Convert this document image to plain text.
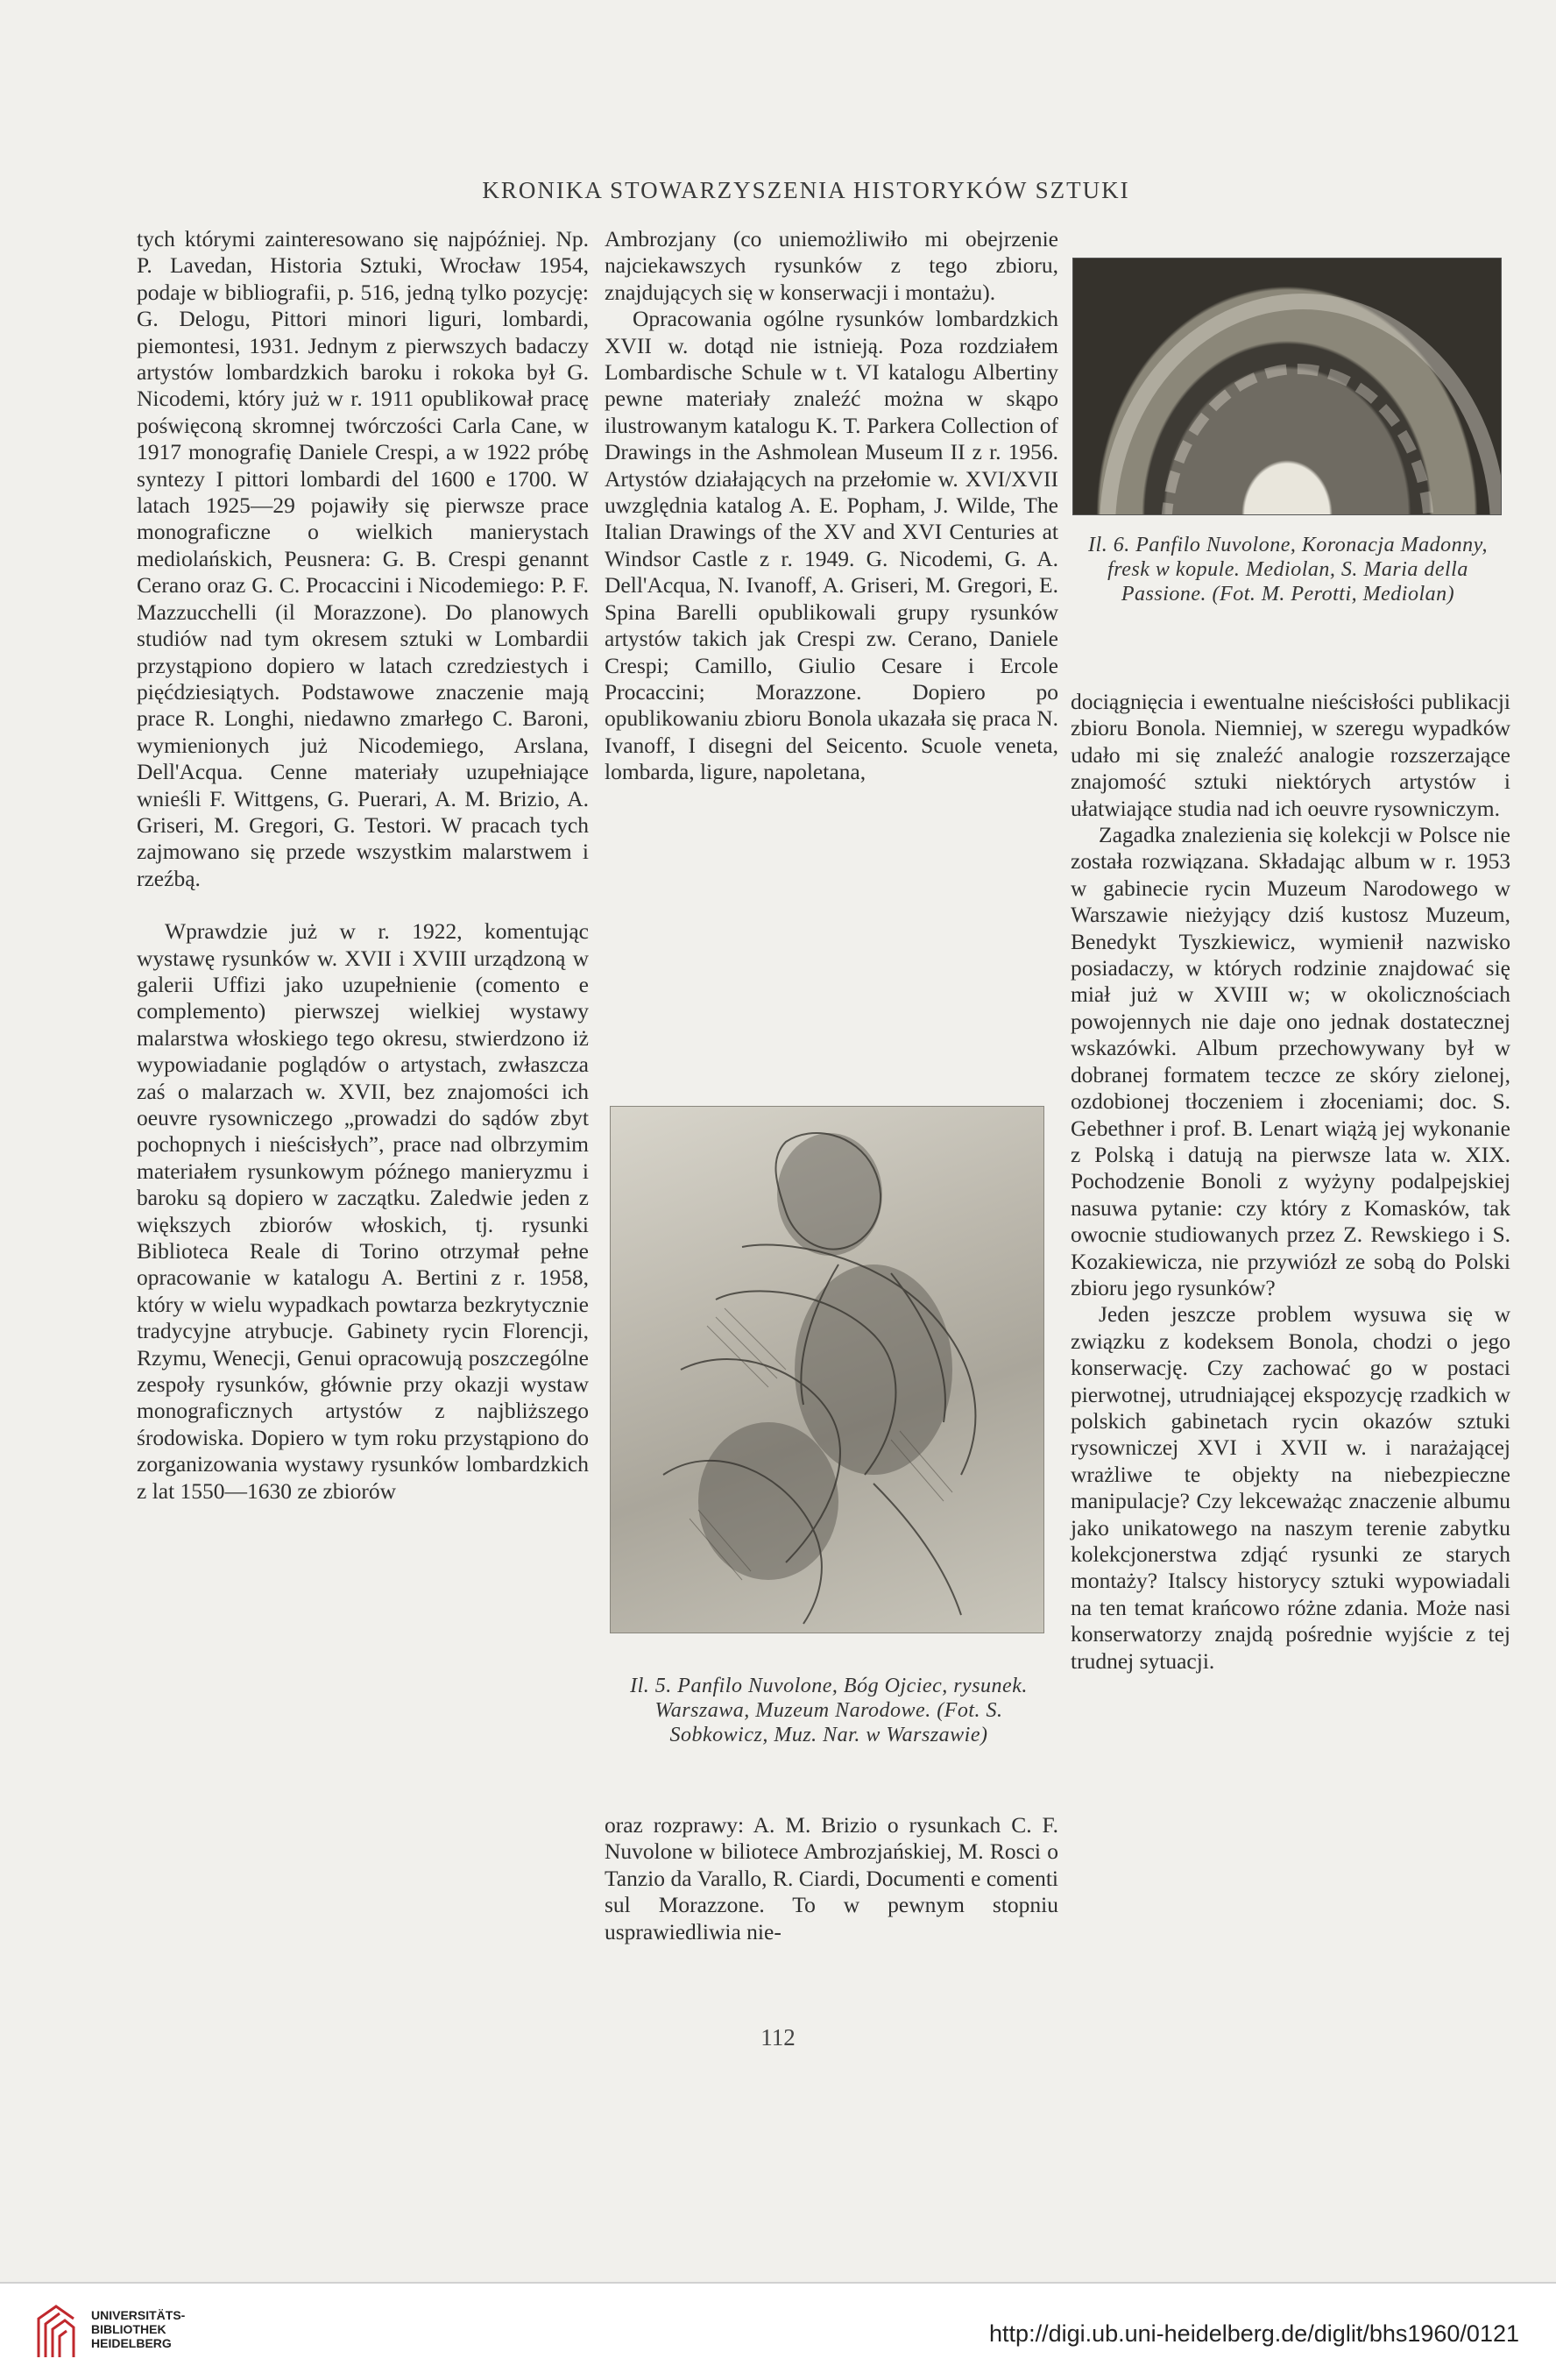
KRONIKA STOWARZYSZENIA HISTORYKÓW SZTUKI

tych którymi zainteresowano się najpóźniej. Np. P. Lavedan, Historia Sztuki, Wrocław 1954, podaje w bibliografii, p. 516, jedną tylko pozycję: G. Delogu, Pittori minori liguri, lombardi, piemontesi, 1931. Jednym z pierwszych badaczy artystów lombardzkich baroku i rokoka był G. Nicodemi, który już w r. 1911 opublikował pracę poświęconą skromnej twórczości Carla Cane, w 1917 monografię Daniele Crespi, a w 1922 próbę syntezy I pittori lombardi del 1600 e 1700. W latach 1925—29 pojawiły się pierwsze prace monograficzne o wielkich manierystach mediolańskich, Peusnera: G. B. Crespi genannt Cerano oraz G. C. Procaccini i Nicodemiego: P. F. Mazzucchelli (il Morazzone). Do planowych studiów nad tym okresem sztuki w Lombardii przystąpiono dopiero w latach czredziestych i pięćdziesiątych. Podstawowe znaczenie mają prace R. Longhi, niedawno zmarłego C. Baroni, wymienionych już Nicodemiego, Arslana, Dell'Acqua. Cenne materiały uzupełniające wnieśli F. Wittgens, G. Puerari, A. M. Brizio, A. Griseri, M. Gregori, G. Testori. W pracach tych zajmowano się przede wszystkim malarstwem i rzeźbą.

Wprawdzie już w r. 1922, komentując wystawę rysunków w. XVII i XVIII urządzoną w galerii Uffizi jako uzupełnienie (comento e complemento) pierwszej wielkiej wystawy malarstwa włoskiego tego okresu, stwierdzono iż wypowiadanie poglądów o artystach, zwłaszcza zaś o malarzach w. XVII, bez znajomości ich oeuvre rysowniczego „prowadzi do sądów zbyt pochopnych i nieścisłych”, prace nad olbrzymim materiałem rysunkowym późnego manieryzmu i baroku są dopiero w zaczątku. Zaledwie jeden z większych zbiorów włoskich, tj. rysunki Biblioteca Reale di Torino otrzymał pełne opracowanie w katalogu A. Bertini z r. 1958, który w wielu wypadkach powtarza bezkrytycznie tradycyjne atrybucje. Gabinety rycin Florencji, Rzymu, Wenecji, Genui opracowują poszczególne zespoły rysunków, głównie przy okazji wystaw monograficznych artystów z najbliższego środowiska. Dopiero w tym roku przystąpiono do zorganizowania wystawy rysunków lombardzkich z lat 1550—1630 ze zbiorów

Ambrozjany (co uniemożliwiło mi obejrzenie najciekawszych rysunków z tego zbioru, znajdujących się w konserwacji i montażu).

Opracowania ogólne rysunków lombardzkich XVII w. dotąd nie istnieją. Poza rozdziałem Lombardische Schule w t. VI katalogu Albertiny pewne materiały znaleźć można w skąpo ilustrowanym katalogu K. T. Parkera Collection of Drawings in the Ashmolean Museum II z r. 1956. Artystów działających na przełomie w. XVI/XVII uwzględnia katalog A. E. Popham, J. Wilde, The Italian Drawings of the XV and XVI Centuries at Windsor Castle z r. 1949. G. Nicodemi, G. A. Dell'Acqua, N. Ivanoff, A. Griseri, M. Gregori, E. Spina Barelli opublikowali grupy rysunków artystów takich jak Crespi zw. Cerano, Daniele Crespi; Camillo, Giulio Cesare i Ercole Procaccini; Morazzone. Dopiero po opublikowaniu zbioru Bonola ukazała się praca N. Ivanoff, I disegni del Seicento. Scuole veneta, lombarda, ligure, napoletana,

Il. 5. Panfilo Nuvolone, Bóg Ojciec, rysunek. Warszawa, Muzeum Narodowe. (Fot. S. Sobkowicz, Muz. Nar. w Warszawie)

oraz rozprawy: A. M. Brizio o rysunkach C. F. Nuvolone w biliotece Ambrozjańskiej, M. Rosci o Tanzio da Varallo, R. Ciardi, Documenti e comenti sul Morazzone. To w pewnym stopniu usprawiedliwia nie-

Il. 6. Panfilo Nuvolone, Koronacja Madonny, fresk w kopule. Mediolan, S. Maria della Passione. (Fot. M. Perotti, Mediolan)

dociągnięcia i ewentualne nieścisłości publikacji zbioru Bonola. Niemniej, w szeregu wypadków udało mi się znaleźć analogie rozszerzające znajomość sztuki niektórych artystów i ułatwiające studia nad ich oeuvre rysowniczym.

Zagadka znalezienia się kolekcji w Polsce nie została rozwiązana. Składając album w r. 1953 w gabinecie rycin Muzeum Narodowego w Warszawie nieżyjący dziś kustosz Muzeum, Benedykt Tyszkiewicz, wymienił nazwisko posiadaczy, w których rodzinie znajdować się miał już w XVIII w; w okolicznościach powojennych nie daje ono jednak dostatecznej wskazówki. Album przechowywany był w dobranej formatem teczce ze skóry zielonej, ozdobionej tłoczeniem i złoceniami; doc. S. Gebethner i prof. B. Lenart wiążą jej wykonanie z Polską i datują na pierwsze lata w. XIX. Pochodzenie Bonoli z wyżyny podalpejskiej nasuwa pytanie: czy który z Komasków, tak owocnie studiowanych przez Z. Rewskiego i S. Kozakiewicza, nie przywiózł ze sobą do Polski zbioru jego rysunków?

Jeden jeszcze problem wysuwa się w związku z kodeksem Bonola, chodzi o jego konserwację. Czy zachować go w postaci pierwotnej, utrudniającej ekspozycję rzadkich w polskich gabinetach rycin okazów sztuki rysowniczej XVI i XVII w. i narażającej wrażliwe te objekty na niebezpieczne manipulacje? Czy lekceważąc znaczenie albumu jako unikatowego na naszym terenie zabytku kolekcjonerstwa zdjąć rysunki ze starych montaży? Italscy historycy sztuki wypowiadali na ten temat krańcowo różne zdania. Może nasi konserwatorzy znajdą pośrednie wyjście z tej trudnej sytuacji.

112
UNIVERSITÄTS-
BIBLIOTHEK
HEIDELBERG	http://digi.ub.uni-heidelberg.de/diglit/bhs1960/0121
